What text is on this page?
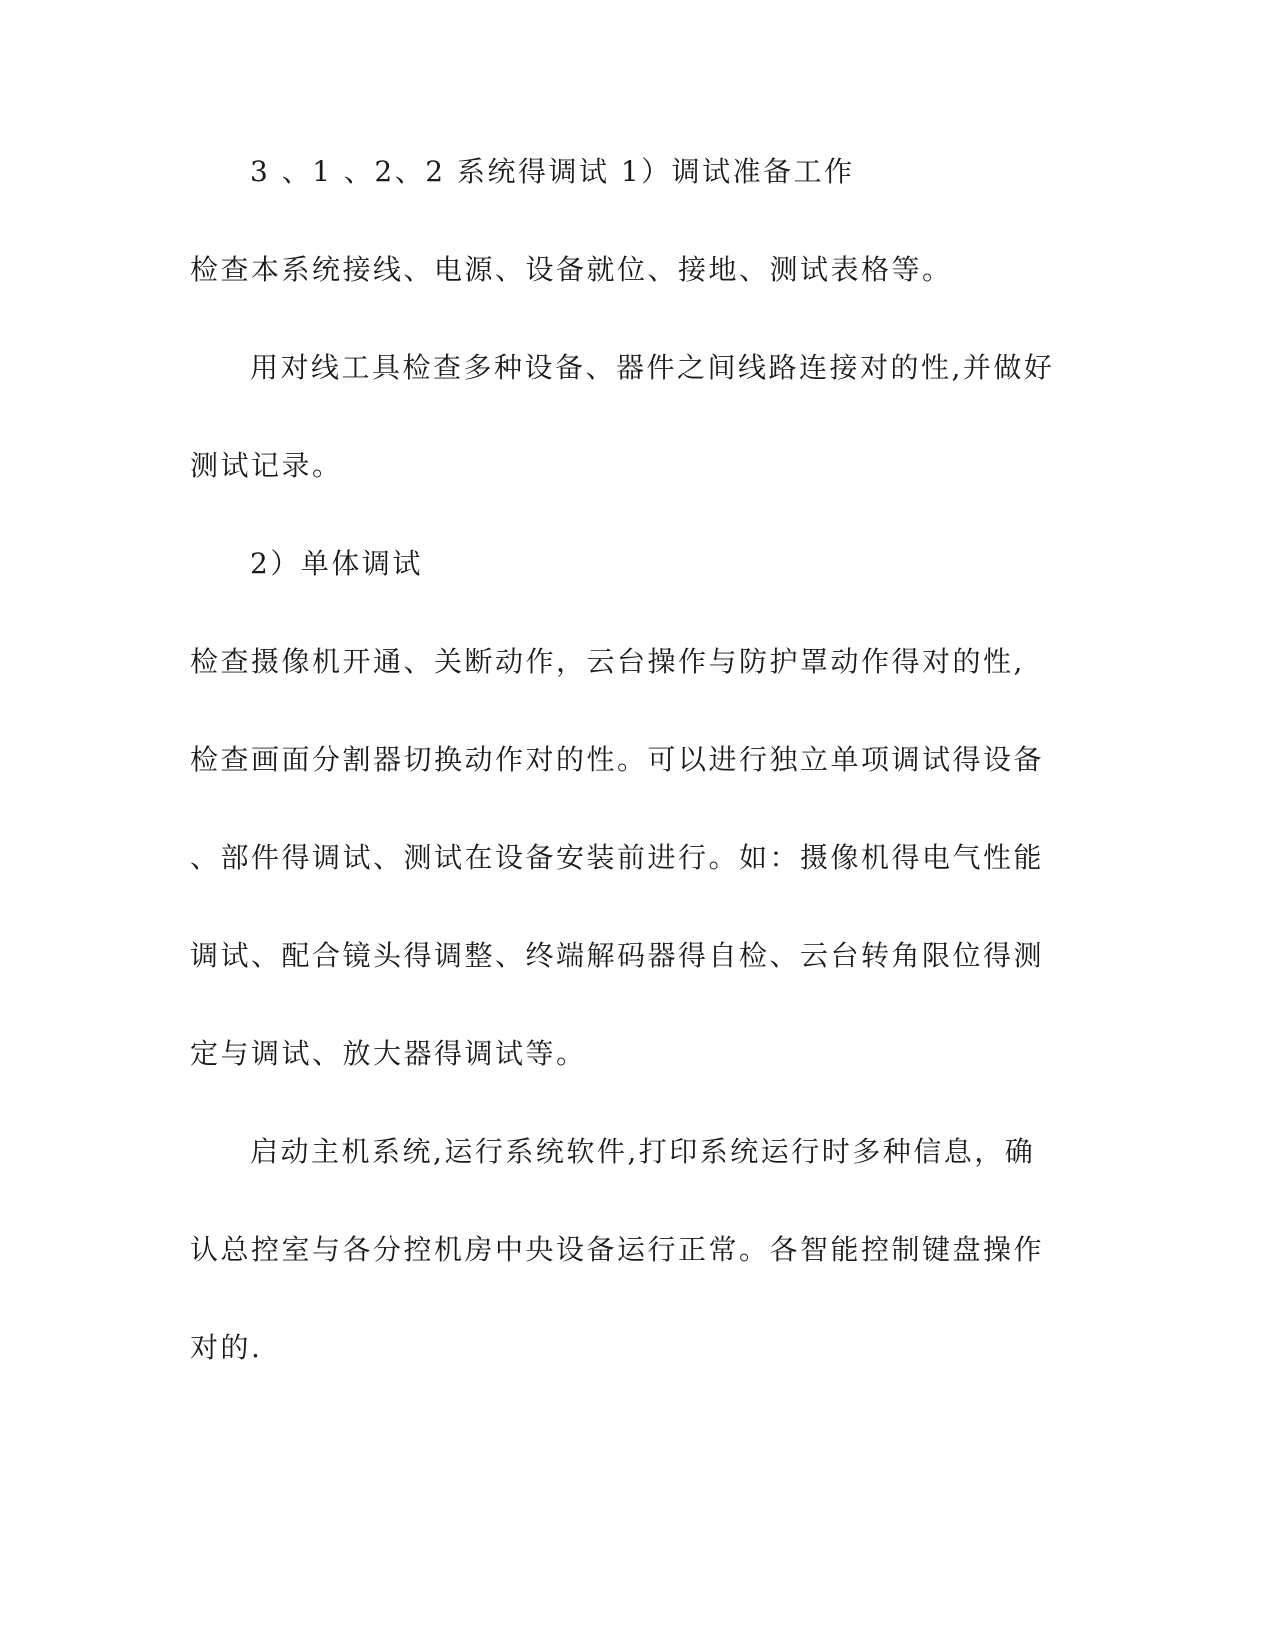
3 、1 、2、2 系统得调试 1）调试准备工作
检查本系统接线、电源、设备就位、接地、测试表格等。
用对线工具检查多种设备、器件之间线路连接对的性,并做好
测试记录。
2）单体调试
检查摄像机开通、关断动作，云台操作与防护罩动作得对的性,
检查画面分割器切换动作对的性。可以进行独立单项调试得设备
、部件得调试、测试在设备安装前进行。如：摄像机得电气性能
调试、配合镜头得调整、终端解码器得自检、云台转角限位得测
定与调试、放大器得调试等。
启动主机系统,运行系统软件,打印系统运行时多种信息，确
认总控室与各分控机房中央设备运行正常。各智能控制键盘操作
对的.
